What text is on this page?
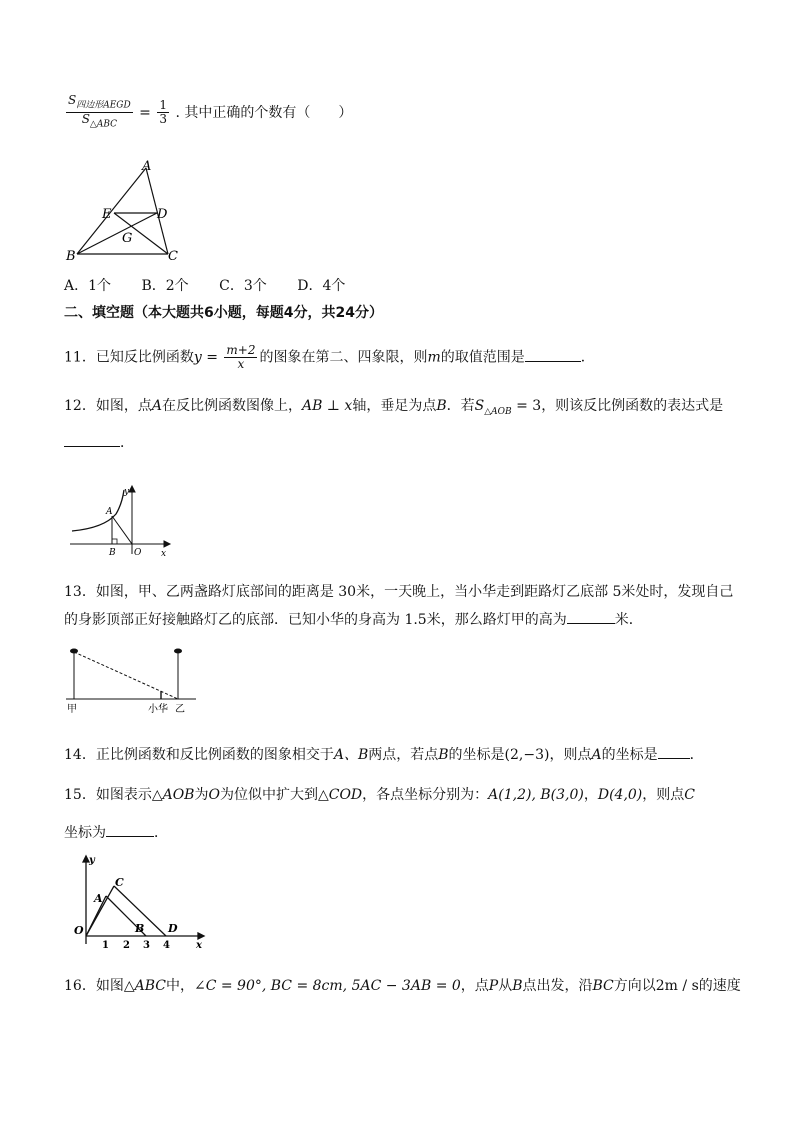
$\frac{S_{四边形AEGD}}{S_{\triangle ABC}} = \frac{1}{3}$ . 其中正确的个数有（　　）
A
B	C
D
E
G
A．1个 B．2个 C．3个 D．4个
二、填空题（本大题共6小题，每题4分，共24分）
11．已知反比例函数$y = \frac{m+2}{x}$ 的图象在第二、四象限，则m的取值范围是	．
12．如图，点A在反比例函数图像上，AB ⊥ x轴，垂足为点B．若$S_{\triangle AOB} = 3$，则该反比例函数的表达式是
．
y
x
A
B O
13．如图，甲、乙两盏路灯底部间的距离是 30米，一天晚上，当小华走到距路灯乙底部 5米处时，发现自己
的身影顶部正好接触路灯乙的底部．已知小华的身高为 1.5米，那么路灯甲的高为	米．
甲	小华 乙
14．正比例函数和反比例函数的图象相交于A、B两点，若点B的坐标是(2,−3)，则点A的坐标是 ．
15．如图表示△AOB为O为位似中扩大到△COD，各点坐标分别为：A(1,2), B(3,0)，D(4,0)，则点C
坐标为	．
y
x
O
A
C
B D
1 2 3 4
16．如图△ABC中，∠C = 90°, BC = 8cm, 5AC − 3AB = 0，点P从B点出发，沿BC方向以2m / s的速度
